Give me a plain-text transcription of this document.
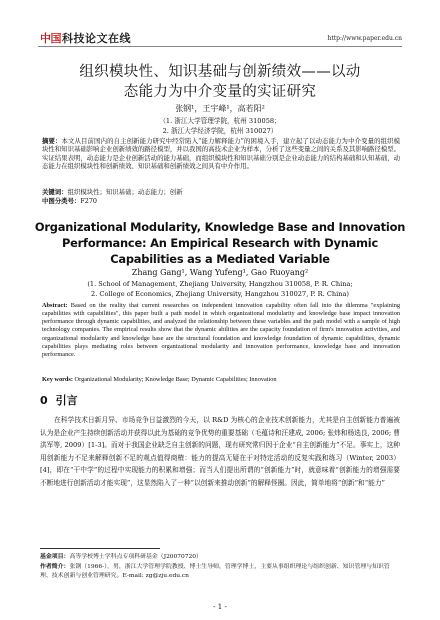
中国 科技论文在线	http://www.paper.edu.cn
组织模块性、知识基础与创新绩效——以动
态能力为中介变量的实证研究
张钢¹，王宇峰¹，高若阳²
（1. 浙江大学管理学院，杭州 310058；
2. 浙江大学经济学院，杭州 310027）
摘要：本文从目前国内的自主创新能力研究中经常陷入“能力解释能力”的困境入手，建立起了以动态能力为中介变量的组织模块性和知识基础影响企业创新绩效的路径模型，并以我国的高技术企业为样本，分析了这些变量之间的关系及其影响路径模型。实证结果表明，动态能力是企业创新活动的能力基础，而组织模块性和知识基础分别是企业动态能力的结构基础和认知基础，动态能力在组织模块性和创新绩效、知识基础和创新绩效之间具有中介作用。
关键词：组织模块性；知识基础；动态能力；创新
中图分类号：F270
Organizational Modularity, Knowledge Base and Innovation
Performance: An Empirical Research with Dynamic
Capabilities as a Mediated Variable
Zhang Gang¹, Wang Yufeng¹, Gao Ruoyang²
(1. School of Management, Zhejiang University, Hangzhou 310058, P. R. China;
2. College of Economics, Zhejiang University, Hangzhou 310027, P. R. China)
Abstract: Based on the reality that current researches on independent innovation capability often fall into the dilemma "explaining capabilities with capabilities", this paper built a path model in which organizational modularity and knowledge base impact innovation performance through dynamic capabilities, and analyzed the relationship between these variables and the path model with a sample of high technology companies. The empirical results show that the dynamic abilities are the capacity foundation of firm's innovation activities, and organizational modularity and knowledge base are the structural foundation and knowledge foundation of dynamic capabilities, dynamic capabilities plays mediating roles between organizational modularity and innovation performance, knowledge base and innovation performance.
Key words: Organizational Modularity; Knowledge Base; Dynamic Capabilities; Innovation
0 引言
在科学技术日新月异、市场竞争日益激烈的今天，以 R&D 为核心的企业技术创新能力，尤其是自主创新能力普遍被认为是企业产生持续创新活动并获得以此为基础的竞争优势的重要基础（毛蕴诗和汪建成, 2006; 张炜和杨选良, 2006; 曹洪军等, 2009）[1-3]。而对于我国企业缺乏自主创新的问题，现有研究常归因于企业“自主创新能力”不足。事实上，这种用创新能力不足来解释创新不足的观点值得商榷：能力的提高无疑在于对特定活动的反复实践和练习（Winter, 2003）[4]，即在“干中学”的过程中实现能力的积累和增强；而当人们提出所谓的“创新能力”时，就意味着“创新能力的增强需要不断地进行创新活动才能实现”，这显然陷入了一种“以创新来推动创新”的解释怪圈。因此，简单地将“创新”和“能力”
基金项目：高等学校博士学科点专项科研基金（J20070720）
作者简介：张钢（1966-），男，浙江大学管理学院教授、博士生导师，管理学博士，主要从事组织理论与组织创新、知识管理与知识管理、技术创新与创业管理研究。E-mail: zg@zju.edu.cn
- 1 -
